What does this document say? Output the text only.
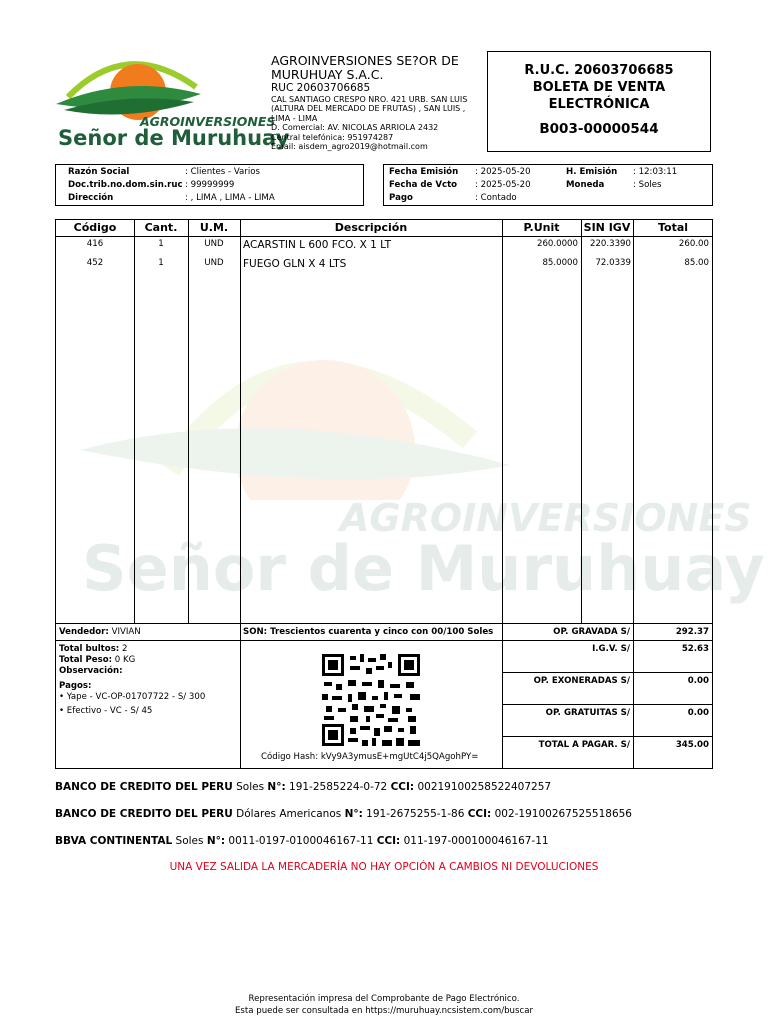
AGROINVERSIONES
Señor de Muruhuay
AGROINVERSIONES
Señor de Muruhuay
AGROINVERSIONES SE?OR DE MURUHUAY S.A.C.
RUC 20603706685
CAL SANTIAGO CRESPO NRO. 421 URB. SAN LUIS (ALTURA DEL MERCADO DE FRUTAS) , SAN LUIS , LIMA - LIMA
D. Comercial: AV. NICOLAS ARRIOLA 2432
Central telefónica: 951974287
Email: aisdem_agro2019@hotmail.com
R.U.C. 20603706685
BOLETA DE VENTA
ELECTRÓNICA
B003-00000544
Razón Social	: Clientes - Varios
Doc.trib.no.dom.sin.ruc : 99999999
Dirección	: , LIMA , LIMA - LIMA
Fecha Emisión : 2025-05-20
Fecha de Vcto : 2025-05-20
Pago	: Contado
H. Emisión : 12:03:11
Moneda	: Soles
Código	Cant.	U.M.	Descripción	P.Unit	SIN IGV	Total
416	1	UND	ACARSTIN L 600 FCO. X 1 LT	260.0000	220.3390	260.00
452	1	UND	FUEGO GLN X 4 LTS	85.0000	72.0339	85.00
Vendedor: VIVIAN	SON: Trescientos cuarenta y cinco con 00/100 Soles
Total bultos: 2
Total Peso: 0 KG
Observación:
Pagos:
• Yape - VC-OP-01707722 - S/ 300
• Efectivo - VC - S/ 45
Código Hash: kVy9A3ymusE+mgUtC4j5QAgohPY=
OP. GRAVADA S/	292.37
I.G.V. S/	52.63
OP. EXONERADAS S/	0.00
OP. GRATUITAS S/	0.00
TOTAL A PAGAR. S/	345.00
BANCO DE CREDITO DEL PERU Soles N°: 191-2585224-0-72 CCI: 00219100258522407257
BANCO DE CREDITO DEL PERU Dólares Americanos N°: 191-2675255-1-86 CCI: 002-19100267525518656
BBVA CONTINENTAL Soles N°: 0011-0197-0100046167-11 CCI: 011-197-000100046167-11
UNA VEZ SALIDA LA MERCADERÍA NO HAY OPCIÓN A CAMBIOS NI DEVOLUCIONES
Representación impresa del Comprobante de Pago Electrónico.
Esta puede ser consultada en https://muruhuay.ncsistem.com/buscar
